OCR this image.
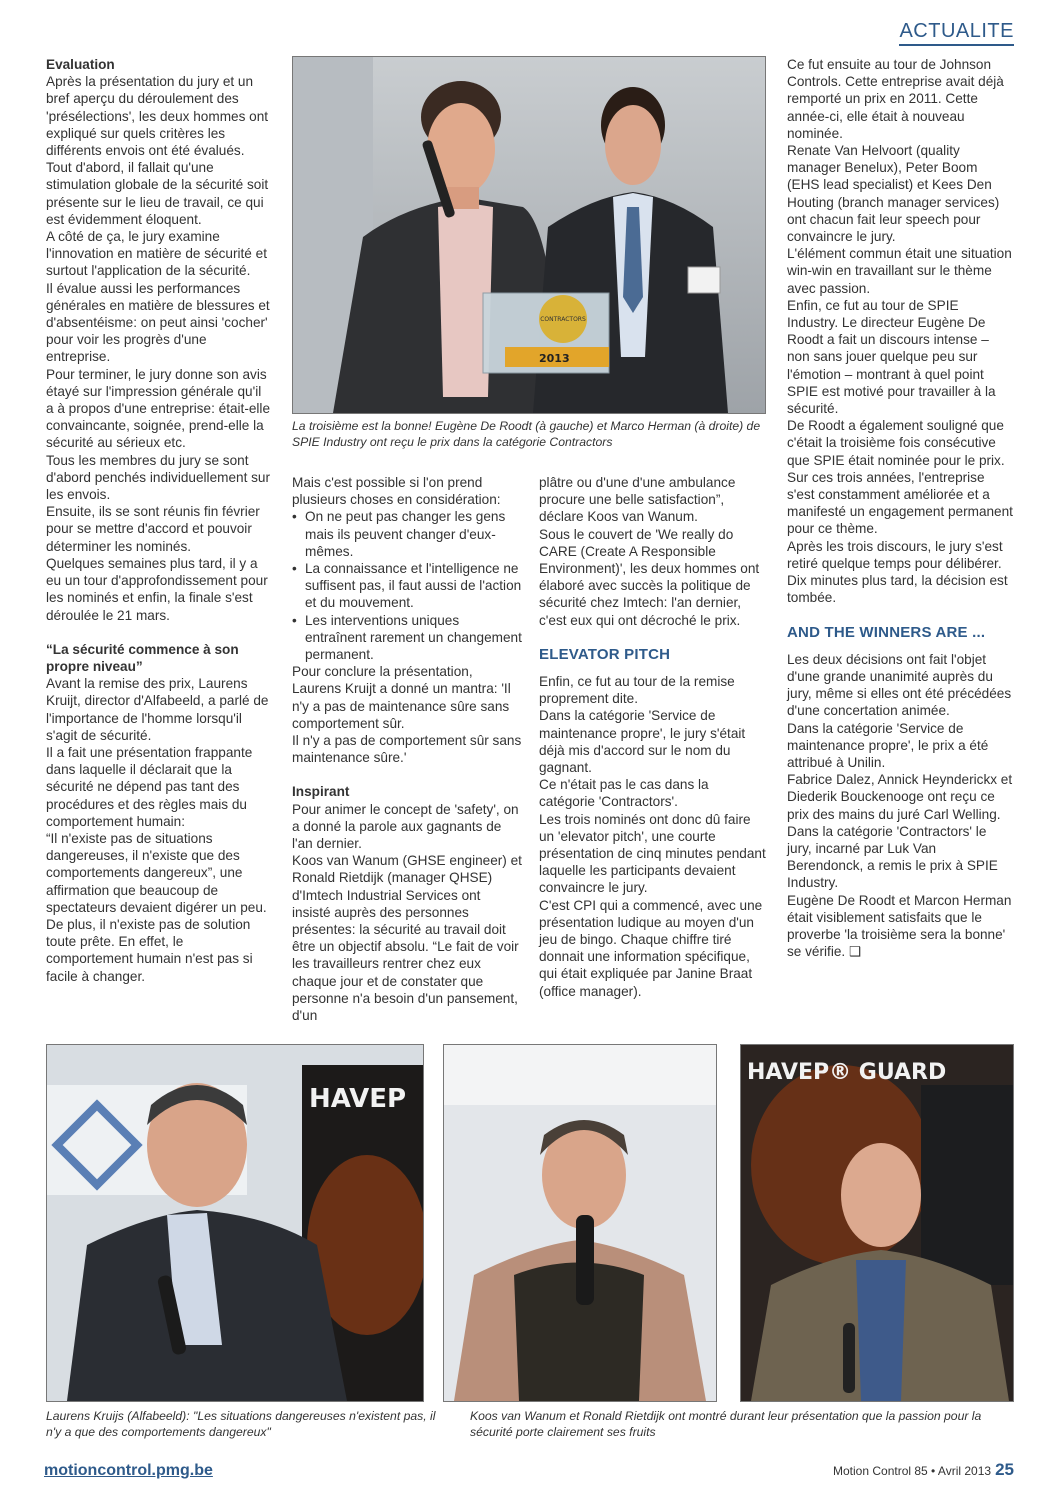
ACTUALITE
Evaluation

Après la présentation du jury et un bref aperçu du déroulement des 'présélections', les deux hommes ont expliqué sur quels critères les différents envois ont été évalués.

Tout d'abord, il fallait qu'une stimulation globale de la sécurité soit présente sur le lieu de travail, ce qui est évidemment éloquent.

A côté de ça, le jury examine l'innovation en matière de sécurité et surtout l'application de la sécurité.

Il évalue aussi les performances générales en matière de blessures et d'absentéisme: on peut ainsi 'cocher' pour voir les progrès d'une entreprise.

Pour terminer, le jury donne son avis étayé sur l'impression générale qu'il a à propos d'une entreprise: était-elle convaincante, soignée, prend-elle la sécurité au sérieux etc.

Tous les membres du jury se sont d'abord penchés individuellement sur les envois.

Ensuite, ils se sont réunis fin février pour se mettre d'accord et pouvoir déterminer les nominés.

Quelques semaines plus tard, il y a eu un tour d'approfondissement pour les nominés et enfin, la finale s'est déroulée le 21 mars.

“La sécurité commence à son propre niveau”

Avant la remise des prix, Laurens Kruijt, director d'Alfabeeld, a parlé de l'importance de l'homme lorsqu'il s'agit de sécurité.

Il a fait une présentation frappante dans laquelle il déclarait que la sécurité ne dépend pas tant des procédures et des règles mais du comportement humain:

“Il n'existe pas de situations dangereuses, il n'existe que des comportements dangereux”, une affirmation que beaucoup de spectateurs devaient digérer un peu. De plus, il n'existe pas de solution toute prête. En effet, le comportement humain n'est pas si facile à changer.

CONTRACTORS
2013
La troisième est la bonne! Eugène De Roodt (à gauche) et Marco Herman (à droite) de SPIE Industry ont reçu le prix dans la catégorie Contractors

Mais c'est possible si l'on prend plusieurs choses en considération:

• On ne peut pas changer les gens mais ils peuvent changer d'eux-mêmes.
• La connaissance et l'intelligence ne suffisent pas, il faut aussi de l'action et du mouvement.
• Les interventions uniques entraînent rarement un changement permanent.

Pour conclure la présentation, Laurens Kruijt a donné un mantra: 'Il n'y a pas de maintenance sûre sans comportement sûr.

Il n'y a pas de comportement sûr sans maintenance sûre.'

Inspirant

Pour animer le concept de 'safety', on a donné la parole aux gagnants de l'an dernier.

Koos van Wanum (GHSE engineer) et Ronald Rietdijk (manager QHSE) d'Imtech Industrial Services ont insisté auprès des personnes présentes: la sécurité au travail doit être un objectif absolu. “Le fait de voir les travailleurs rentrer chez eux chaque jour et de constater que personne n'a besoin d'un pansement, d'un

plâtre ou d'une d'une ambulance procure une belle satisfaction”, déclare Koos van Wanum.

Sous le couvert de 'We really do CARE (Create A Responsible Environment)', les deux hommes ont élaboré avec succès la politique de sécurité chez Imtech: l'an dernier, c'est eux qui ont décroché le prix.

ELEVATOR PITCH

Enfin, ce fut au tour de la remise proprement dite.

Dans la catégorie 'Service de maintenance propre', le jury s'était déjà mis d'accord sur le nom du gagnant.

Ce n'était pas le cas dans la catégorie 'Contractors'.

Les trois nominés ont donc dû faire un 'elevator pitch', une courte présentation de cinq minutes pendant laquelle les participants devaient convaincre le jury.

C'est CPI qui a commencé, avec une présentation ludique au moyen d'un jeu de bingo. Chaque chiffre tiré donnait une information spécifique, qui était expliquée par Janine Braat (office manager).

Ce fut ensuite au tour de Johnson Controls. Cette entreprise avait déjà remporté un prix en 2011. Cette année-ci, elle était à nouveau nominée.

Renate Van Helvoort (quality manager Benelux), Peter Boom (EHS lead specialist) et Kees Den Houting (branch manager services) ont chacun fait leur speech pour convaincre le jury.

L'élément commun était une situation win-win en travaillant sur le thème avec passion.

Enfin, ce fut au tour de SPIE Industry. Le directeur Eugène De Roodt a fait un discours intense – non sans jouer quelque peu sur l'émotion – montrant à quel point SPIE est motivé pour travailler à la sécurité.

De Roodt a également souligné que c'était la troisième fois consécutive que SPIE était nominée pour le prix. Sur ces trois années, l'entreprise s'est constamment améliorée et a manifesté un engagement permanent pour ce thème.

Après les trois discours, le jury s'est retiré quelque temps pour délibérer. Dix minutes plus tard, la décision est tombée.

AND THE WINNERS ARE ...

Les deux décisions ont fait l'objet d'une grande unanimité auprès du jury, même si elles ont été précédées d'une concertation animée.

Dans la catégorie 'Service de maintenance propre', le prix a été attribué à Unilin.

Fabrice Dalez, Annick Heynderickx et Diederik Bouckenooge ont reçu ce prix des mains du juré Carl Welling.

Dans la catégorie 'Contractors' le jury, incarné par Luk Van Berendonck, a remis le prix à SPIE Industry.

Eugène De Roodt et Marcon Herman était visiblement satisfaits que le proverbe 'la troisième sera la bonne' se vérifie. ❑

HAVEP
HAVEP® GUARD
Laurens Kruijs (Alfabeeld): "Les situations dangereuses n'existent pas, il n'y a que des comportements dangereux"
Koos van Wanum et Ronald Rietdijk ont montré durant leur présentation que la passion pour la sécurité porte clairement ses fruits
motioncontrol.pmg.be	Motion Control 85 • Avril 2013 25
